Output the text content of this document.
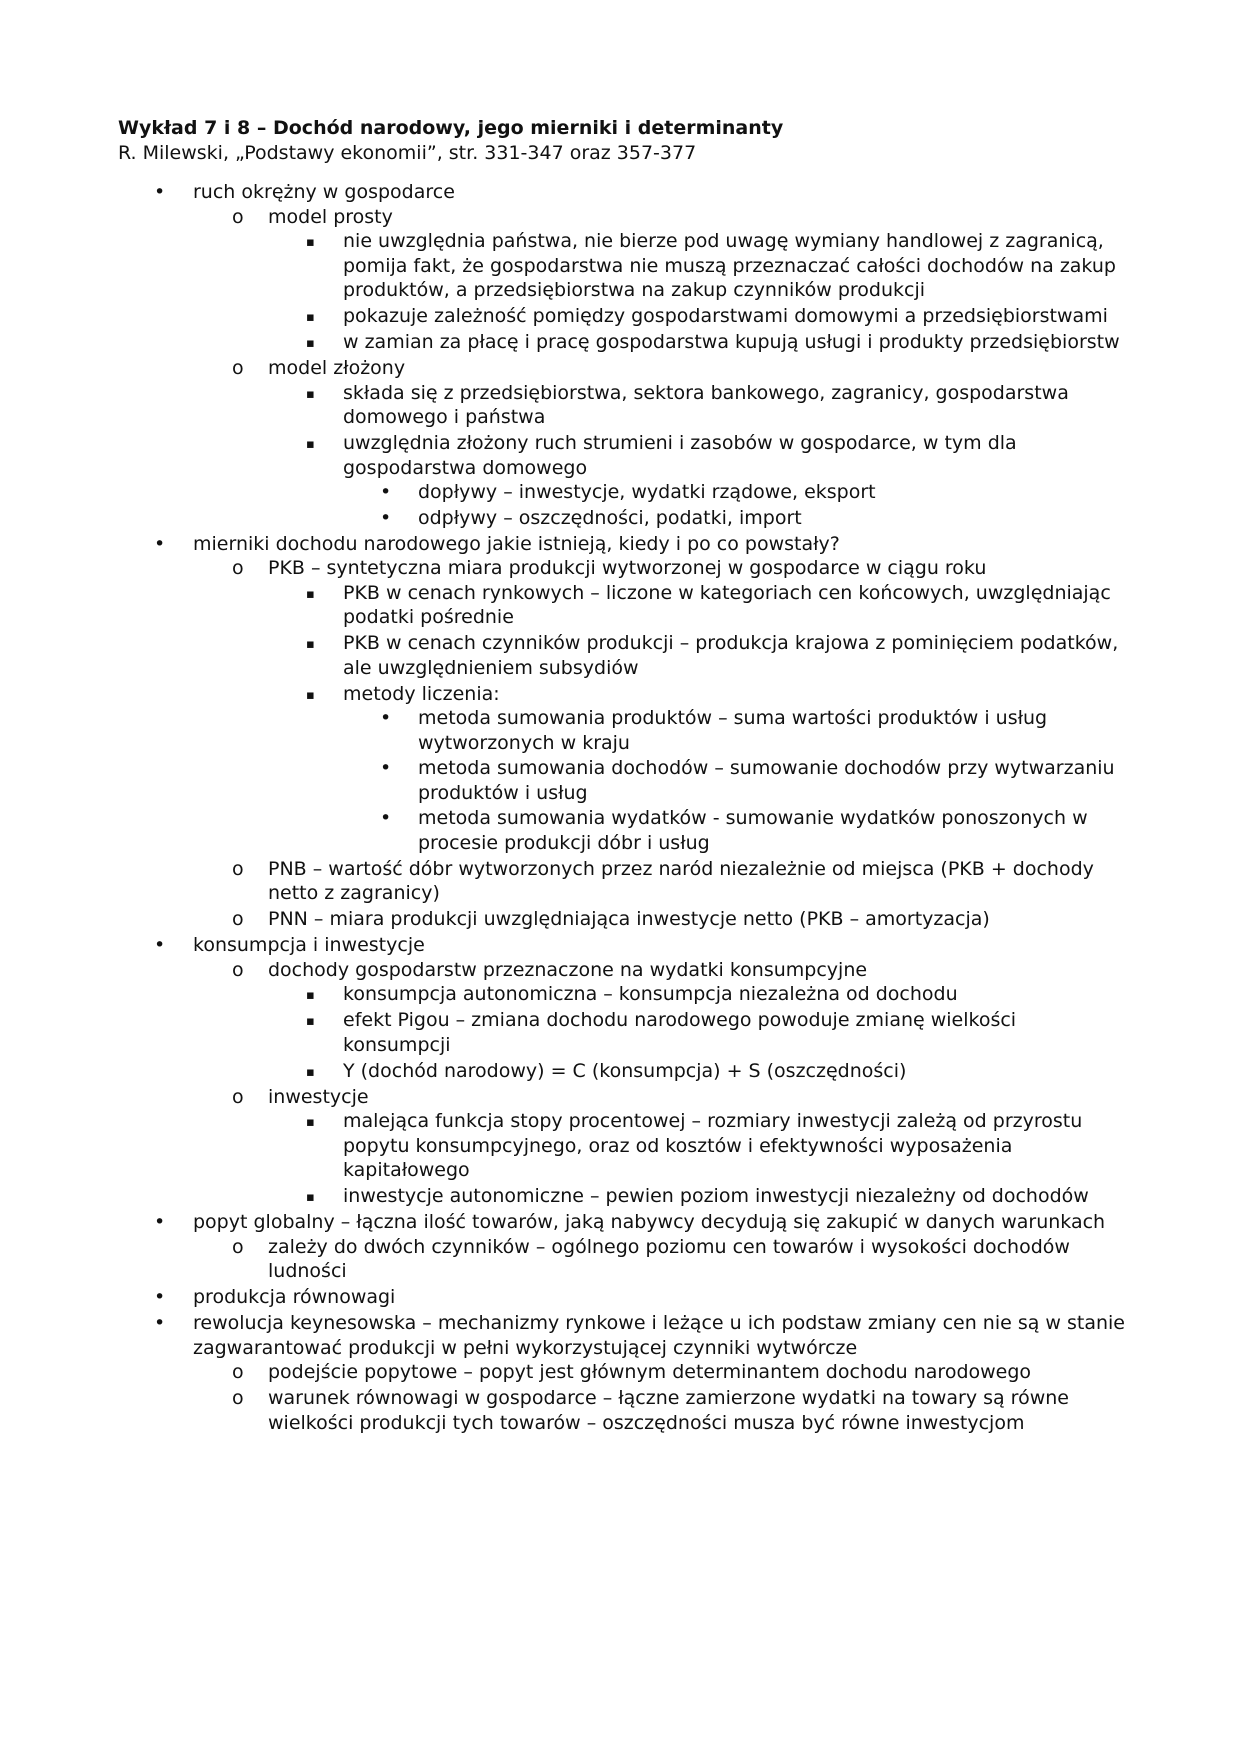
Wykład 7 i 8 – Dochód narodowy, jego mierniki i determinanty

R. Milewski, „Podstawy ekonomii”, str. 331-347 oraz 357-377

• ruch okrężny w gospodarce
o model prosty
▪ nie uwzględnia państwa, nie bierze pod uwagę wymiany handlowej z zagranicą, pomija fakt, że gospodarstwa nie muszą przeznaczać całości dochodów na zakup produktów, a przedsiębiorstwa na zakup czynników produkcji
▪ pokazuje zależność pomiędzy gospodarstwami domowymi a przedsiębiorstwami
▪ w zamian za płacę i pracę gospodarstwa kupują usługi i produkty przedsiębiorstw
o model złożony
▪ składa się z przedsiębiorstwa, sektora bankowego, zagranicy, gospodarstwa domowego i państwa
▪ uwzględnia złożony ruch strumieni i zasobów w gospodarce, w tym dla gospodarstwa domowego
• dopływy – inwestycje, wydatki rządowe, eksport
• odpływy – oszczędności, podatki, import
• mierniki dochodu narodowego jakie istnieją, kiedy i po co powstały?
o PKB – syntetyczna miara produkcji wytworzonej w gospodarce w ciągu roku
▪ PKB w cenach rynkowych – liczone w kategoriach cen końcowych, uwzględniając podatki pośrednie
▪ PKB w cenach czynników produkcji – produkcja krajowa z pominięciem podatków, ale uwzględnieniem subsydiów
▪ metody liczenia:
• metoda sumowania produktów – suma wartości produktów i usług wytworzonych w kraju
• metoda sumowania dochodów – sumowanie dochodów przy wytwarzaniu produktów i usług
• metoda sumowania wydatków - sumowanie wydatków ponoszonych w procesie produkcji dóbr i usług
o PNB – wartość dóbr wytworzonych przez naród niezależnie od miejsca (PKB + dochody netto z zagranicy)
o PNN – miara produkcji uwzględniająca inwestycje netto (PKB – amortyzacja)
• konsumpcja i inwestycje
o dochody gospodarstw przeznaczone na wydatki konsumpcyjne
▪ konsumpcja autonomiczna – konsumpcja niezależna od dochodu
▪ efekt Pigou – zmiana dochodu narodowego powoduje zmianę wielkości konsumpcji
▪ Y (dochód narodowy) = C (konsumpcja) + S (oszczędności)
o inwestycje
▪ malejąca funkcja stopy procentowej – rozmiary inwestycji zależą od przyrostu popytu konsumpcyjnego, oraz od kosztów i efektywności wyposażenia kapitałowego
▪ inwestycje autonomiczne – pewien poziom inwestycji niezależny od dochodów
• popyt globalny – łączna ilość towarów, jaką nabywcy decydują się zakupić w danych warunkach
o zależy do dwóch czynników – ogólnego poziomu cen towarów i wysokości dochodów ludności
• produkcja równowagi
• rewolucja keynesowska – mechanizmy rynkowe i leżące u ich podstaw zmiany cen nie są w stanie zagwarantować produkcji w pełni wykorzystującej czynniki wytwórcze
o podejście popytowe – popyt jest głównym determinantem dochodu narodowego
o warunek równowagi w gospodarce – łączne zamierzone wydatki na towary są równe wielkości produkcji tych towarów – oszczędności musza być równe inwestycjom
